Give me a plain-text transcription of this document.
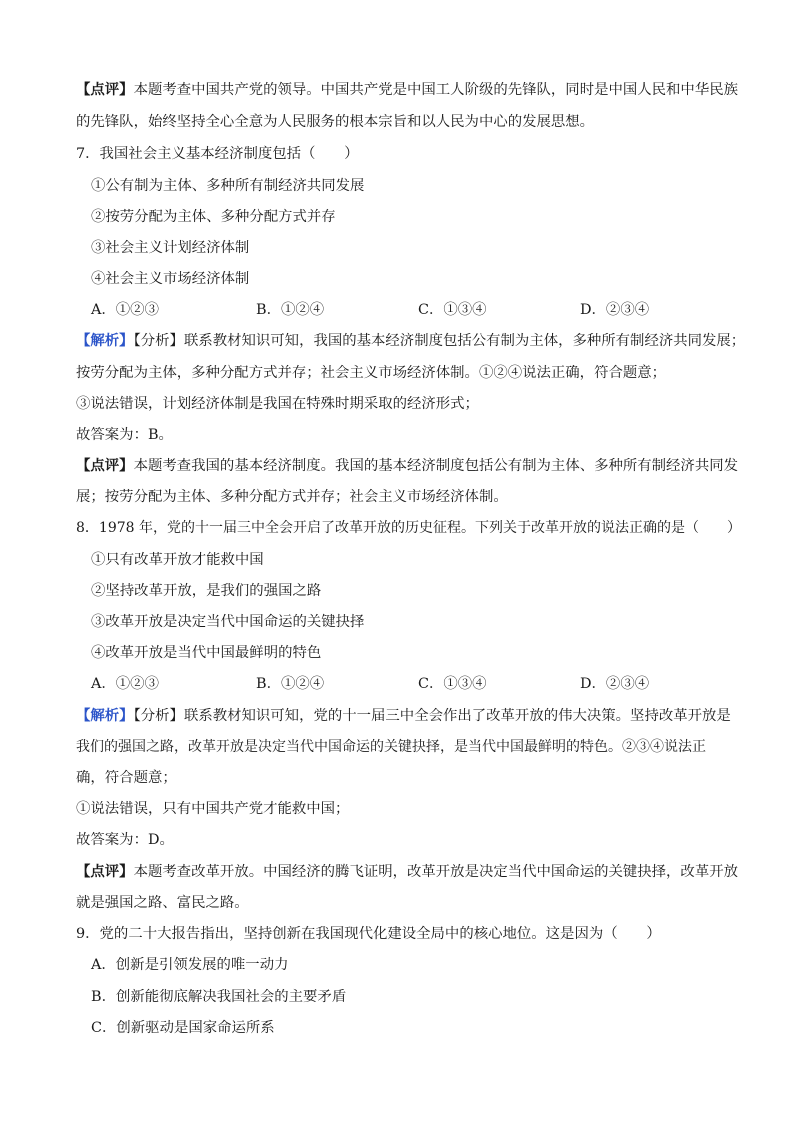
【点评】本题考查中国共产党的领导。中国共产党是中国工人阶级的先锋队，同时是中国人民和中华民族
的先锋队，始终坚持全心全意为人民服务的根本宗旨和以人民为中心的发展思想。
7．我国社会主义基本经济制度包括（　　）
①公有制为主体、多种所有制经济共同发展
②按劳分配为主体、多种分配方式并存
③社会主义计划经济体制
④社会主义市场经济体制
A．①②③	B．①②④	C．①③④	D．②③④
【解析】【分析】联系教材知识可知，我国的基本经济制度包括公有制为主体，多种所有制经济共同发展；
按劳分配为主体，多种分配方式并存；社会主义市场经济体制。①②④说法正确，符合题意；
③说法错误，计划经济体制是我国在特殊时期采取的经济形式；
故答案为：B。
【点评】本题考查我国的基本经济制度。我国的基本经济制度包括公有制为主体、多种所有制经济共同发
展；按劳分配为主体、多种分配方式并存；社会主义市场经济体制。
8．1978 年，党的十一届三中全会开启了改革开放的历史征程。下列关于改革开放的说法正确的是（　　）
①只有改革开放才能救中国
②坚持改革开放，是我们的强国之路
③改革开放是决定当代中国命运的关键抉择
④改革开放是当代中国最鲜明的特色
A．①②③	B．①②④	C．①③④	D．②③④
【解析】【分析】联系教材知识可知，党的十一届三中全会作出了改革开放的伟大决策。坚持改革开放是
我们的强国之路，改革开放是决定当代中国命运的关键抉择，是当代中国最鲜明的特色。②③④说法正
确，符合题意；
①说法错误，只有中国共产党才能救中国；
故答案为：D。
【点评】本题考查改革开放。中国经济的腾飞证明，改革开放是决定当代中国命运的关键抉择，改革开放
就是强国之路、富民之路。
9．党的二十大报告指出，坚持创新在我国现代化建设全局中的核心地位。这是因为（　　）
A．创新是引领发展的唯一动力
B．创新能彻底解决我国社会的主要矛盾
C．创新驱动是国家命运所系
